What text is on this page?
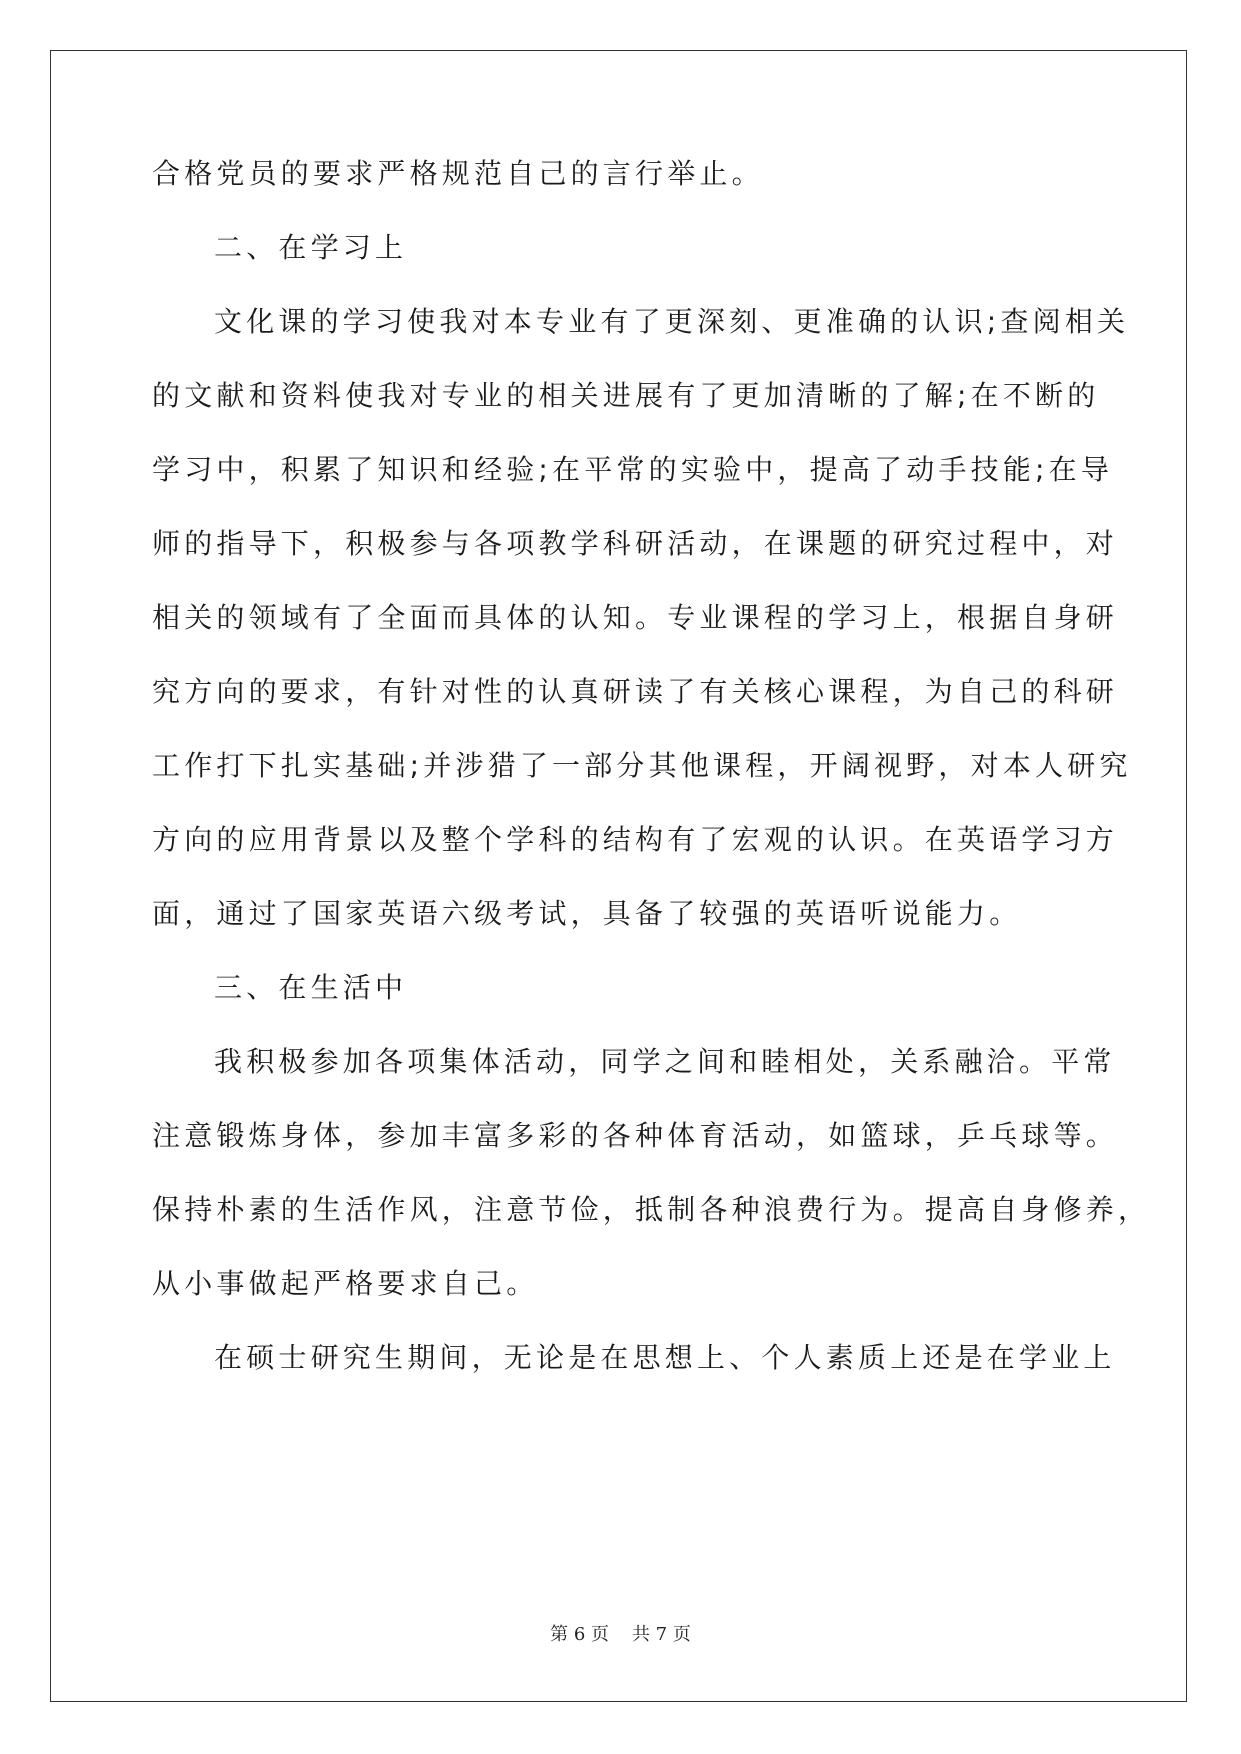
合格党员的要求严格规范自己的言行举止。
二、在学习上
文化课的学习使我对本专业有了更深刻、更准确的认识;查阅相关
的文献和资料使我对专业的相关进展有了更加清晰的了解;在不断的
学习中，积累了知识和经验;在平常的实验中，提高了动手技能;在导
师的指导下，积极参与各项教学科研活动，在课题的研究过程中，对
相关的领域有了全面而具体的认知。专业课程的学习上，根据自身研
究方向的要求，有针对性的认真研读了有关核心课程，为自己的科研
工作打下扎实基础;并涉猎了一部分其他课程，开阔视野，对本人研究
方向的应用背景以及整个学科的结构有了宏观的认识。在英语学习方
面，通过了国家英语六级考试，具备了较强的英语听说能力。
三、在生活中
我积极参加各项集体活动，同学之间和睦相处，关系融洽。平常
注意锻炼身体，参加丰富多彩的各种体育活动，如篮球，乒乓球等。
保持朴素的生活作风，注意节俭，抵制各种浪费行为。提高自身修养，
从小事做起严格要求自己。
在硕士研究生期间，无论是在思想上、个人素质上还是在学业上
第 6 页    共 7 页
